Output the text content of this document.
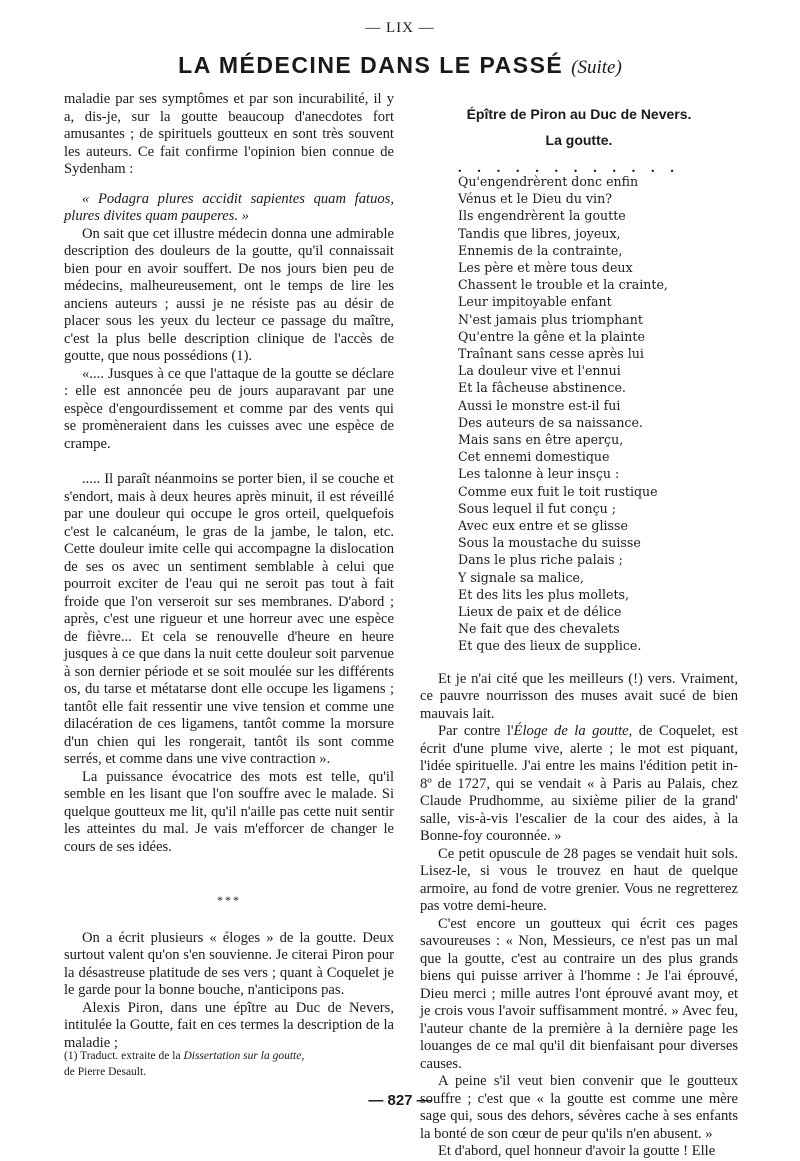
— LIX —
LA MÉDECINE DANS LE PASSÉ (Suite)

maladie par ses symptômes et par son incurabilité, il y a, dis-je, sur la goutte beaucoup d'anecdotes fort amusantes ; de spirituels goutteux en sont très souvent les auteurs. Ce fait confirme l'opinion bien connue de Sydenham :

« Podagra plures accidit sapientes quam fatuos, plures divites quam pauperes. »

On sait que cet illustre médecin donna une admirable description des douleurs de la goutte, qu'il connaissait bien pour en avoir souffert. De nos jours bien peu de médecins, malheureusement, ont le temps de lire les anciens auteurs ; aussi je ne résiste pas au désir de placer sous les yeux du lecteur ce passage du maître, c'est la plus belle description clinique de l'accès de goutte, que nous possédions (1).

«.... Jusques à ce que l'attaque de la goutte se déclare : elle est annoncée peu de jours auparavant par une espèce d'engourdissement et comme par des vents qui se promèneraient dans les cuisses avec une espèce de crampe.

..... Il paraît néanmoins se porter bien, il se couche et s'endort, mais à deux heures après minuit, il est réveillé par une douleur qui occupe le gros orteil, quelquefois c'est le calcanéum, le gras de la jambe, le talon, etc. Cette douleur imite celle qui accompagne la dislocation de ses os avec un sentiment semblable à celui que pourroit exciter de l'eau qui ne seroit pas tout à fait froide que l'on verseroit sur ses membranes. D'abord ; après, c'est une rigueur et une horreur avec une espèce de fièvre... Et cela se renouvelle d'heure en heure jusques à ce que dans la nuit cette douleur soit parvenue à son dernier période et se soit moulée sur les différents os, du tarse et métatarse dont elle occupe les ligamens ; tantôt elle fait ressentir une vive tension et comme une dilacération de ces ligamens, tantôt comme la morsure d'un chien qui les rongerait, tantôt ils sont comme serrés, et comme dans une vive contraction ».

La puissance évocatrice des mots est telle, qu'il semble en les lisant que l'on souffre avec le malade. Si quelque goutteux me lit, qu'il n'aille pas cette nuit sentir les atteintes du mal. Je vais m'efforcer de changer le cours de ses idées.

***

On a écrit plusieurs « éloges » de la goutte. Deux surtout valent qu'on s'en souvienne. Je citerai Piron pour la désastreuse platitude de ses vers ; quant à Coquelet je le garde pour la bonne bouche, n'anticipons pas.

Alexis Piron, dans une épître au Duc de Nevers, intitulée la Goutte, fait en ces termes la description de la maladie ;

(1) Traduct. extraite de la Dissertation sur la goutte,
de Pierre Desault.
Épître de Piron au Duc de Nevers.
La goutte.
. . . . . . . . . . . .
Qu'engendrèrent donc enfin
Vénus et le Dieu du vin?
Ils engendrèrent la goutte
Tandis que libres, joyeux,
Ennemis de la contrainte,
Les père et mère tous deux
Chassent le trouble et la crainte,
Leur impitoyable enfant
N'est jamais plus triomphant
Qu'entre la gêne et la plainte
Traînant sans cesse après lui
La douleur vive et l'ennui
Et la fâcheuse abstinence.
Aussi le monstre est-il fui
Des auteurs de sa naissance.
Mais sans en être aperçu,
Cet ennemi domestique
Les talonne à leur insçu :
Comme eux fuit le toit rustique
Sous lequel il fut conçu ;
Avec eux entre et se glisse
Sous la moustache du suisse
Dans le plus riche palais ;
Y signale sa malice,
Et des lits les plus mollets,
Lieux de paix et de délice
Ne fait que des chevalets
Et que des lieux de supplice.

Et je n'ai cité que les meilleurs (!) vers. Vraiment, ce pauvre nourrisson des muses avait sucé de bien mauvais lait.

Par contre l'Éloge de la goutte, de Coquelet, est écrit d'une plume vive, alerte ; le mot est piquant, l'idée spirituelle. J'ai entre les mains l'édition petit in-8º de 1727, qui se vendait « à Paris au Palais, chez Claude Prudhomme, au sixième pilier de la grand' salle, vis-à-vis l'escalier de la cour des aides, à la Bonne-foy couronnée. »

Ce petit opuscule de 28 pages se vendait huit sols. Lisez-le, si vous le trouvez en haut de quelque armoire, au fond de votre grenier. Vous ne regretterez pas votre demi-heure.

C'est encore un goutteux qui écrit ces pages savoureuses : « Non, Messieurs, ce n'est pas un mal que la goutte, c'est au contraire un des plus grands biens qui puisse arriver à l'homme : Je l'ai éprouvé, Dieu merci ; mille autres l'ont éprouvé avant moy, et je crois vous l'avoir suffisamment montré. » Avec feu, l'auteur chante de la première à la dernière page les louanges de ce mal qu'il dit bienfaisant pour diverses causes.

A peine s'il veut bien convenir que le goutteux souffre ; c'est que « la goutte est comme une mère sage qui, sous des dehors, sévères cache à ses enfants la bonté de son cœur de peur qu'ils n'en abusent. »

Et d'abord, quel honneur d'avoir la goutte ! Elle

— 827 —
